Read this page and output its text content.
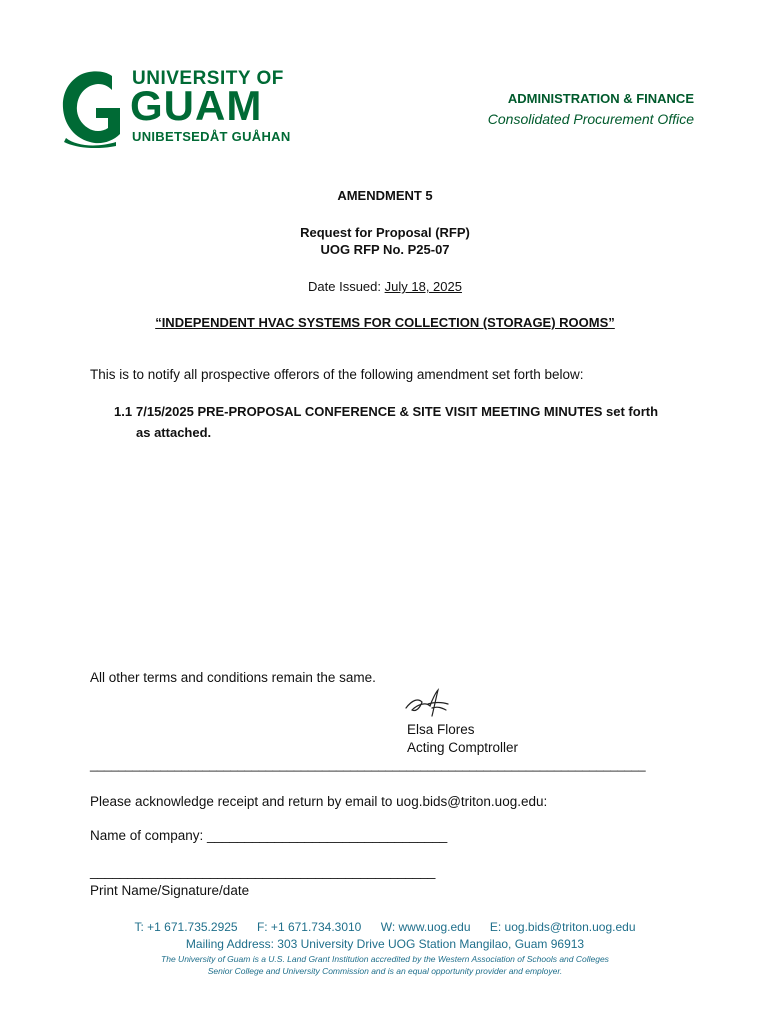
UNIVERSITY OF
GUAM
UNIBETSEDÅT GUÅHAN
ADMINISTRATION & FINANCE
Consolidated Procurement Office
AMENDMENT 5
Request for Proposal (RFP)
UOG RFP No. P25-07
Date Issued: July 18, 2025
“INDEPENDENT HVAC SYSTEMS FOR COLLECTION (STORAGE) ROOMS”
This is to notify all prospective offerors of the following amendment set forth below:
1.1 7/15/2025 PRE-PROPOSAL CONFERENCE & SITE VISIT MEETING MINUTES set forth as attached.
All other terms and conditions remain the same.
Elsa Flores
Acting Comptroller
_______________________________________________________________________________
Please acknowledge receipt and return by email to uog.bids@triton.uog.edu:
Name of company: ________________________________
______________________________________________
Print Name/Signature/date
T: +1 671.735.2925 F: +1 671.734.3010 W: www.uog.edu E: uog.bids@triton.uog.edu
Mailing Address: 303 University Drive UOG Station Mangilao, Guam 96913
The University of Guam is a U.S. Land Grant Institution accredited by the Western Association of Schools and Colleges
Senior College and University Commission and is an equal opportunity provider and employer.
